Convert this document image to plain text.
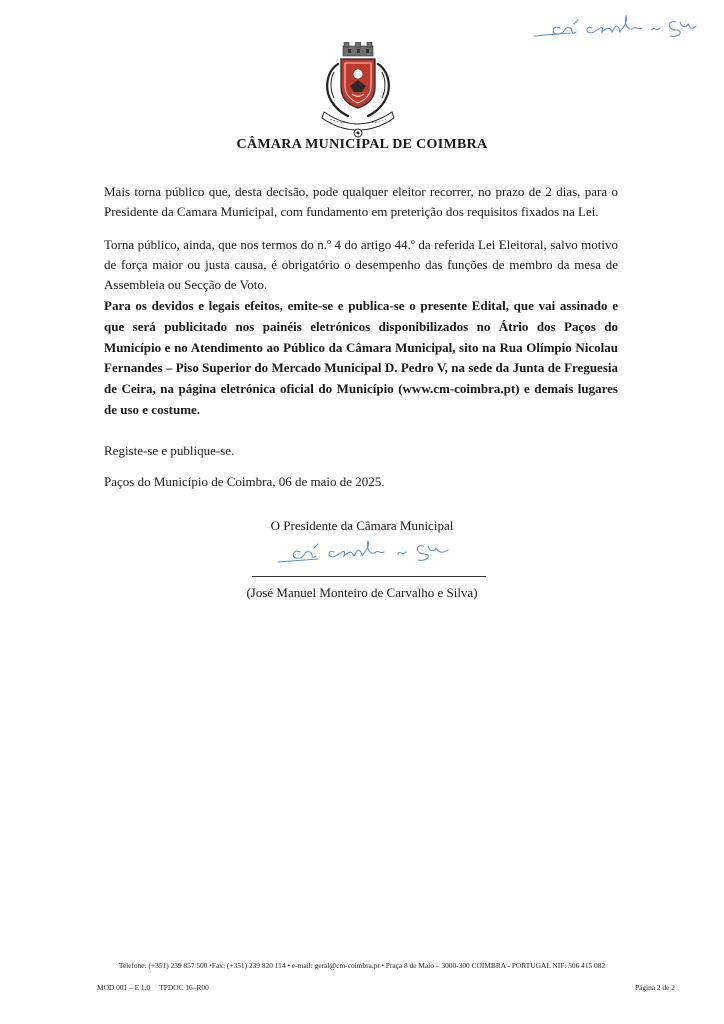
CÂMARA MUNICIPAL DE COIMBRA

Mais torna público que, desta decisão, pode qualquer eleitor recorrer, no prazo de 2 dias, para o Presidente da Camara Municipal, com fundamento em preterição dos requisitos fixados na Lei.

Torna público, ainda, que nos termos do n.º 4 do artigo 44.º da referida Lei Eleitoral, salvo motivo de força maior ou justa causa, é obrigatório o desempenho das funções de membro da mesa de Assembleia ou Secção de Voto.

Para os devidos e legais efeitos, emite-se e publica-se o presente Edital, que vai assinado e que será publicitado nos painéis eletrónicos disponibilizados no Átrio dos Paços do Município e no Atendimento ao Público da Câmara Municipal, sito na Rua Olímpio Nicolau Fernandes – Piso Superior do Mercado Municipal D. Pedro V, na sede da Junta de Freguesia de Ceira, na página eletrónica oficial do Município (www.cm-coimbra.pt) e demais lugares de uso e costume.

Registe-se e publique-se.

Paços do Município de Coimbra, 06 de maio de 2025.

O Presidente da Câmara Municipal
(José Manuel Monteiro de Carvalho e Silva)
Telefone: (+351) 239 857 500 •Fax: (+351) 239 820 114 • e-mail: geral@cm-coimbra.pt • Praça 8 de Maio – 3000-300 COIMBRA - PORTUGAL NIF: 506 415 082
MOD 001 – E 1.0     TPDOC 16–R00	Página 2 de 2
